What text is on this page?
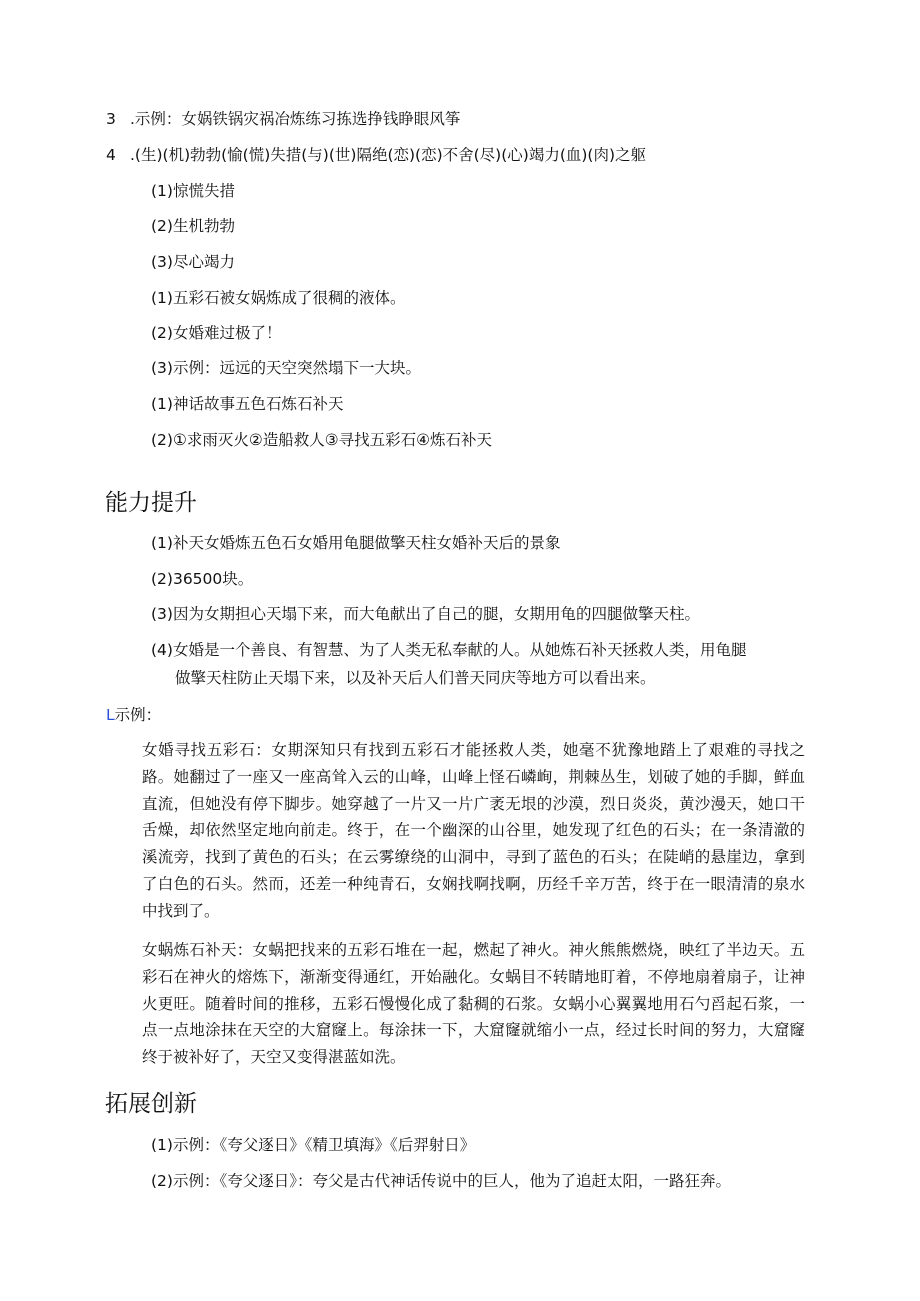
3 .示例：女娲铁锅灾祸冶炼练习拣选挣钱睁眼风筝
4 .(生)(机)勃勃(愉(慌)失措(与)(世)隔绝(恋)(恋)不舍(尽)(心)竭力(血)(肉)之躯
(1)惊慌失措
(2)生机勃勃
(3)尽心竭力
(1)五彩石被女娲炼成了很稠的液体。
(2)女婚难过极了！
(3)示例：远远的天空突然塌下一大块。
(1)神话故事五色石炼石补天
(2)①求雨灭火②造船救人③寻找五彩石④炼石补天
能力提升
(1)补天女婚炼五色石女婚用龟腿做擎天柱女婚补天后的景象
(2)36500块。
(3)因为女期担心天塌下来，而大龟献出了自己的腿，女期用龟的四腿做擎天柱。
(4)女婚是一个善良、有智慧、为了人类无私奉献的人。从她炼石补天拯救人类，用龟腿
做擎天柱防止天塌下来，以及补天后人们普天同庆等地方可以看出来。
L示例：
女婚寻找五彩石：女期深知只有找到五彩石才能拯救人类，她毫不犹豫地踏上了艰难的寻找之路。她翻过了一座又一座高耸入云的山峰，山峰上怪石嶙峋，荆棘丛生，划破了她的手脚，鲜血直流，但她没有停下脚步。她穿越了一片又一片广袤无垠的沙漠，烈日炎炎，黄沙漫天，她口干舌燥，却依然坚定地向前走。终于，在一个幽深的山谷里，她发现了红色的石头；在一条清澈的溪流旁，找到了黄色的石头；在云雾缭绕的山洞中，寻到了蓝色的石头；在陡峭的悬崖边，拿到了白色的石头。然而，还差一种纯青石，女娴找啊找啊，历经千辛万苦，终于在一眼清清的泉水中找到了。
女蜗炼石补天：女蜗把找来的五彩石堆在一起，燃起了神火。神火熊熊燃烧，映红了半边天。五彩石在神火的熔炼下，渐渐变得通红，开始融化。女蜗目不转睛地盯着，不停地扇着扇子，让神火更旺。随着时间的推移，五彩石慢慢化成了黏稠的石浆。女蜗小心翼翼地用石勺舀起石浆，一点一点地涂抹在天空的大窟窿上。每涂抹一下，大窟窿就缩小一点，经过长时间的努力，大窟窿终于被补好了，天空又变得湛蓝如洗。
拓展创新
(1)示例：《夸父逐日》《精卫填海》《后羿射日》
(2)示例：《夸父逐日》：夸父是古代神话传说中的巨人，他为了追赶太阳，一路狂奔。
